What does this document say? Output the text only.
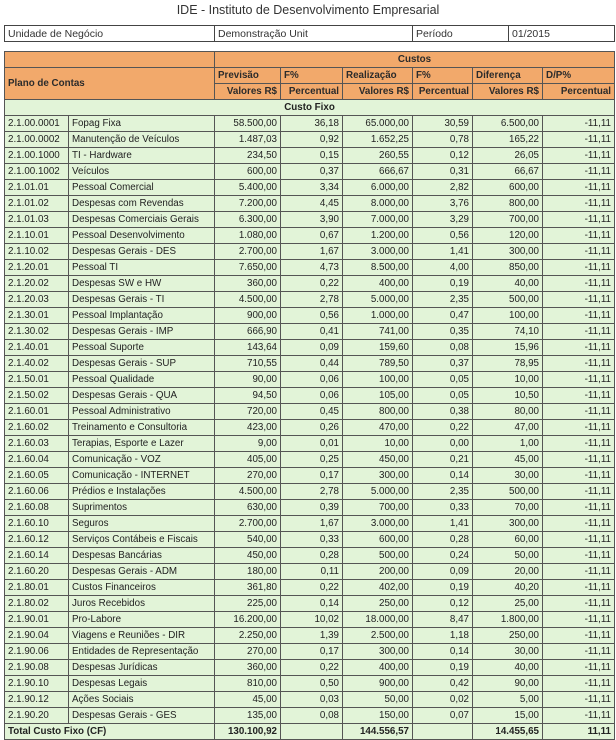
IDE - Instituto de Desenvolvimento Empresarial
Unidade de Negócio	Demonstração Unit	Período	01/2015
		Custos					
Plano de Contas		Previsão	F%	Realização	F%	Diferença	D/P%
		Valores R$	Percentual	Valores R$	Percentual	Valores R$	Percentual
Custo Fixo							
2.1.00.0001	Fopag Fixa	58.500,00	36,18	65.000,00	30,59	6.500,00	-11,11
2.1.00.0002	Manutenção de Veículos	1.487,03	0,92	1.652,25	0,78	165,22	-11,11
2.1.00.1000	TI - Hardware	234,50	0,15	260,55	0,12	26,05	-11,11
2.1.00.1002	Veículos	600,00	0,37	666,67	0,31	66,67	-11,11
2.1.01.01	Pessoal Comercial	5.400,00	3,34	6.000,00	2,82	600,00	-11,11
2.1.01.02	Despesas com Revendas	7.200,00	4,45	8.000,00	3,76	800,00	-11,11
2.1.01.03	Despesas Comerciais Gerais	6.300,00	3,90	7.000,00	3,29	700,00	-11,11
2.1.10.01	Pessoal Desenvolvimento	1.080,00	0,67	1.200,00	0,56	120,00	-11,11
2.1.10.02	Despesas Gerais - DES	2.700,00	1,67	3.000,00	1,41	300,00	-11,11
2.1.20.01	Pessoal TI	7.650,00	4,73	8.500,00	4,00	850,00	-11,11
2.1.20.02	Despesas SW e HW	360,00	0,22	400,00	0,19	40,00	-11,11
2.1.20.03	Despesas Gerais - TI	4.500,00	2,78	5.000,00	2,35	500,00	-11,11
2.1.30.01	Pessoal Implantação	900,00	0,56	1.000,00	0,47	100,00	-11,11
2.1.30.02	Despesas Gerais - IMP	666,90	0,41	741,00	0,35	74,10	-11,11
2.1.40.01	Pessoal Suporte	143,64	0,09	159,60	0,08	15,96	-11,11
2.1.40.02	Despesas Gerais - SUP	710,55	0,44	789,50	0,37	78,95	-11,11
2.1.50.01	Pessoal Qualidade	90,00	0,06	100,00	0,05	10,00	-11,11
2.1.50.02	Despesas Gerais - QUA	94,50	0,06	105,00	0,05	10,50	-11,11
2.1.60.01	Pessoal Administrativo	720,00	0,45	800,00	0,38	80,00	-11,11
2.1.60.02	Treinamento e Consultoria	423,00	0,26	470,00	0,22	47,00	-11,11
2.1.60.03	Terapias, Esporte e Lazer	9,00	0,01	10,00	0,00	1,00	-11,11
2.1.60.04	Comunicação - VOZ	405,00	0,25	450,00	0,21	45,00	-11,11
2.1.60.05	Comunicação - INTERNET	270,00	0,17	300,00	0,14	30,00	-11,11
2.1.60.06	Prédios e Instalações	4.500,00	2,78	5.000,00	2,35	500,00	-11,11
2.1.60.08	Suprimentos	630,00	0,39	700,00	0,33	70,00	-11,11
2.1.60.10	Seguros	2.700,00	1,67	3.000,00	1,41	300,00	-11,11
2.1.60.12	Serviços Contábeis e Fiscais	540,00	0,33	600,00	0,28	60,00	-11,11
2.1.60.14	Despesas Bancárias	450,00	0,28	500,00	0,24	50,00	-11,11
2.1.60.20	Despesas Gerais - ADM	180,00	0,11	200,00	0,09	20,00	-11,11
2.1.80.01	Custos Financeiros	361,80	0,22	402,00	0,19	40,20	-11,11
2.1.80.02	Juros Recebidos	225,00	0,14	250,00	0,12	25,00	-11,11
2.1.90.01	Pro-Labore	16.200,00	10,02	18.000,00	8,47	1.800,00	-11,11
2.1.90.04	Viagens e Reuniões - DIR	2.250,00	1,39	2.500,00	1,18	250,00	-11,11
2.1.90.06	Entidades de Representação	270,00	0,17	300,00	0,14	30,00	-11,11
2.1.90.08	Despesas Jurídicas	360,00	0,22	400,00	0,19	40,00	-11,11
2.1.90.10	Despesas Legais	810,00	0,50	900,00	0,42	90,00	-11,11
2.1.90.12	Ações Sociais	45,00	0,03	50,00	0,02	5,00	-11,11
2.1.90.20	Despesas Gerais - GES	135,00	0,08	150,00	0,07	15,00	-11,11
Total Custo Fixo (CF)		130.100,92		144.556,57		14.455,65	11,11
